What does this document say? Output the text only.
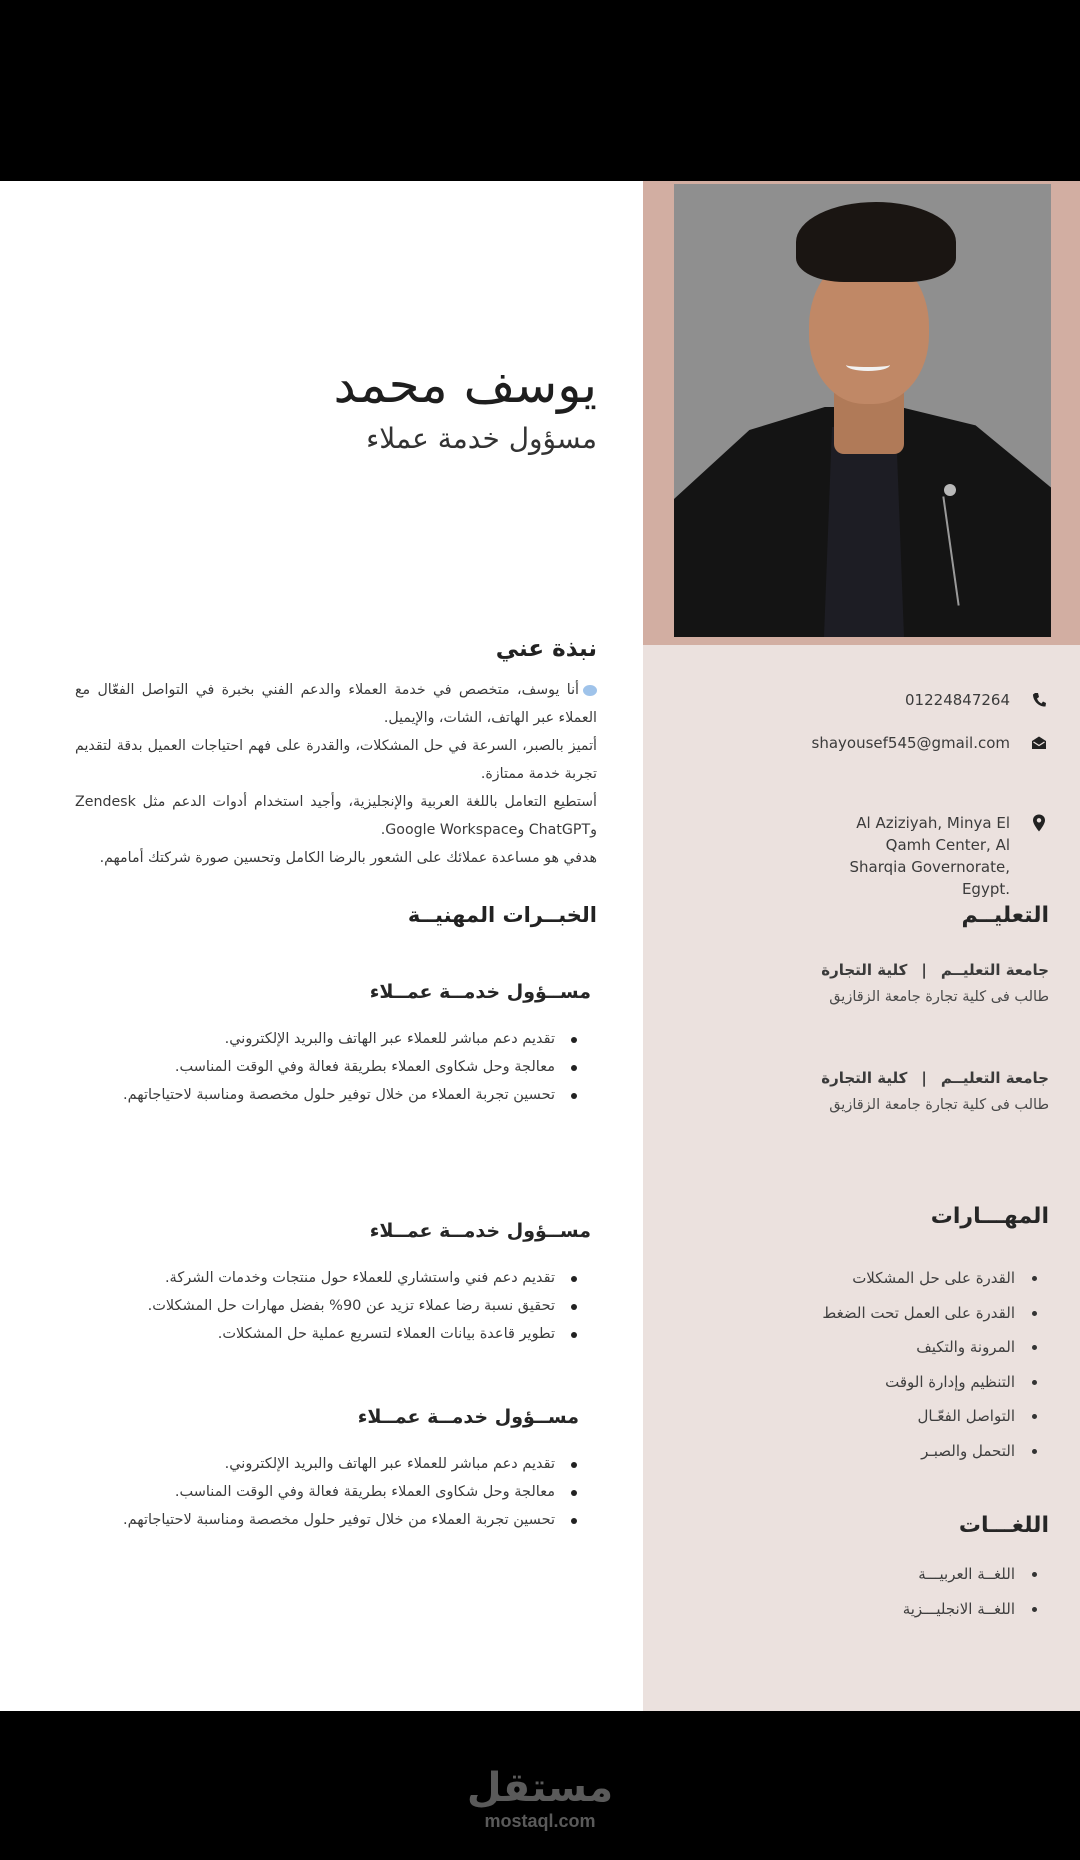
01224847264
shayousef545@gmail.com
Al Aziziyah, Minya El Qamh Center, Al Sharqia Governorate, Egypt.
التعليــم
جامعة التعليــم|كلية التجارة
طالب فى كلية تجارة جامعة الزقازيق
جامعة التعليــم|كلية التجارة
طالب فى كلية تجارة جامعة الزقازيق
المهـــارات
القدرة على حل المشكلات
القدرة على العمل تحت الضغط
المرونة والتكيف
التنظيم وإدارة الوقت
التواصل الفعّـال
التحمل والصبـر
اللغـــات
اللغــة العربيـــة
اللغــة الانجليـــزية
يوسف محمد
مسؤول خدمة عملاء
نبذة عني

أنا يوسف، متخصص في خدمة العملاء والدعم الفني بخبرة في التواصل الفعّال مع العملاء عبر الهاتف، الشات، والإيميل.

أتميز بالصبر، السرعة في حل المشكلات، والقدرة على فهم احتياجات العميل بدقة لتقديم تجربة خدمة ممتازة.

أستطيع التعامل باللغة العربية والإنجليزية، وأجيد استخدام أدوات الدعم مثل Zendesk وChatGPT وGoogle Workspace.

هدفي هو مساعدة عملائك على الشعور بالرضا الكامل وتحسين صورة شركتك أمامهم.

الخبــرات المهنيــة
مســؤول خدمــة عمــلاء
تقديم دعم مباشر للعملاء عبر الهاتف والبريد الإلكتروني.
معالجة وحل شكاوى العملاء بطريقة فعالة وفي الوقت المناسب.
تحسين تجربة العملاء من خلال توفير حلول مخصصة ومناسبة لاحتياجاتهم.
مســؤول خدمــة عمــلاء
تقديم دعم فني واستشاري للعملاء حول منتجات وخدمات الشركة.
تحقيق نسبة رضا عملاء تزيد عن 90% بفضل مهارات حل المشكلات.
تطوير قاعدة بيانات العملاء لتسريع عملية حل المشكلات.
مســؤول خدمــة عمــلاء
تقديم دعم مباشر للعملاء عبر الهاتف والبريد الإلكتروني.
معالجة وحل شكاوى العملاء بطريقة فعالة وفي الوقت المناسب.
تحسين تجربة العملاء من خلال توفير حلول مخصصة ومناسبة لاحتياجاتهم.
مستقل
mostaql.com
